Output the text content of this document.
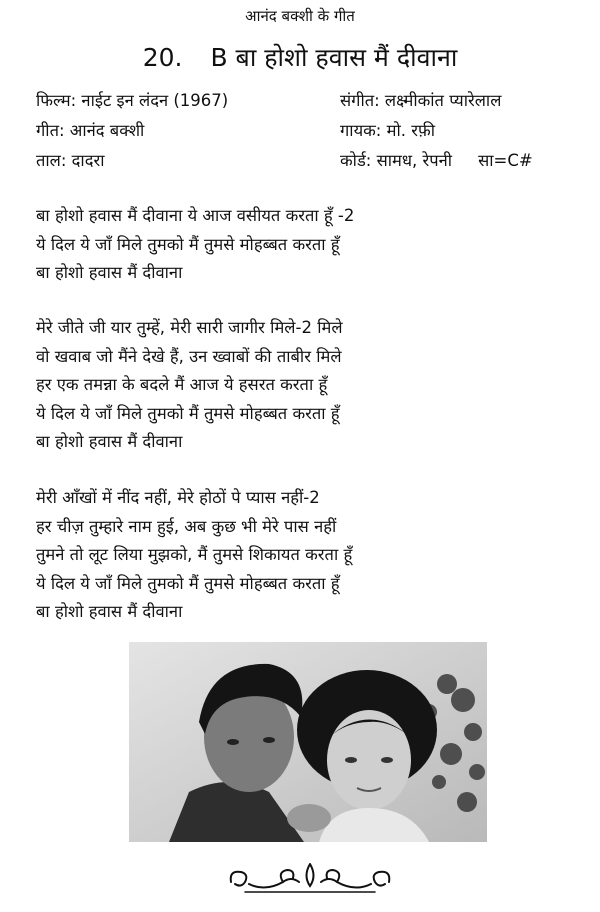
आनंद बक्शी के गीत
20. B बा होशो हवास मैं दीवाना
फिल्म: नाईट इन लंदन (1967)
गीत: आनंद बक्शी
ताल: दादरा
संगीत: लक्ष्मीकांत प्यारेलाल
गायक: मो. रफ़ी
कोर्ड: सामध, रेपनी सा=C#
बा होशो हवास मैं दीवाना ये आज वसीयत करता हूँ -2
ये दिल ये जाँ मिले तुमको मैं तुमसे मोहब्बत करता हूँ
बा होशो हवास मैं दीवाना
मेरे जीते जी यार तुम्हें, मेरी सारी जागीर मिले-2 मिले
वो खवाब जो मैंने देखे हैं, उन ख्वाबों की ताबीर मिले
हर एक तमन्ना के बदले मैं आज ये हसरत करता हूँ
ये दिल ये जाँ मिले तुमको मैं तुमसे मोहब्बत करता हूँ
बा होशो हवास मैं दीवाना
मेरी आँखों में नींद नहीं, मेरे होठों पे प्यास नहीं-2
हर चीज़ तुम्हारे नाम हुई, अब कुछ भी मेरे पास नहीं
तुमने तो लूट लिया मुझको, मैं तुमसे शिकायत करता हूँ
ये दिल ये जाँ मिले तुमको मैं तुमसे मोहब्बत करता हूँ
बा होशो हवास मैं दीवाना
